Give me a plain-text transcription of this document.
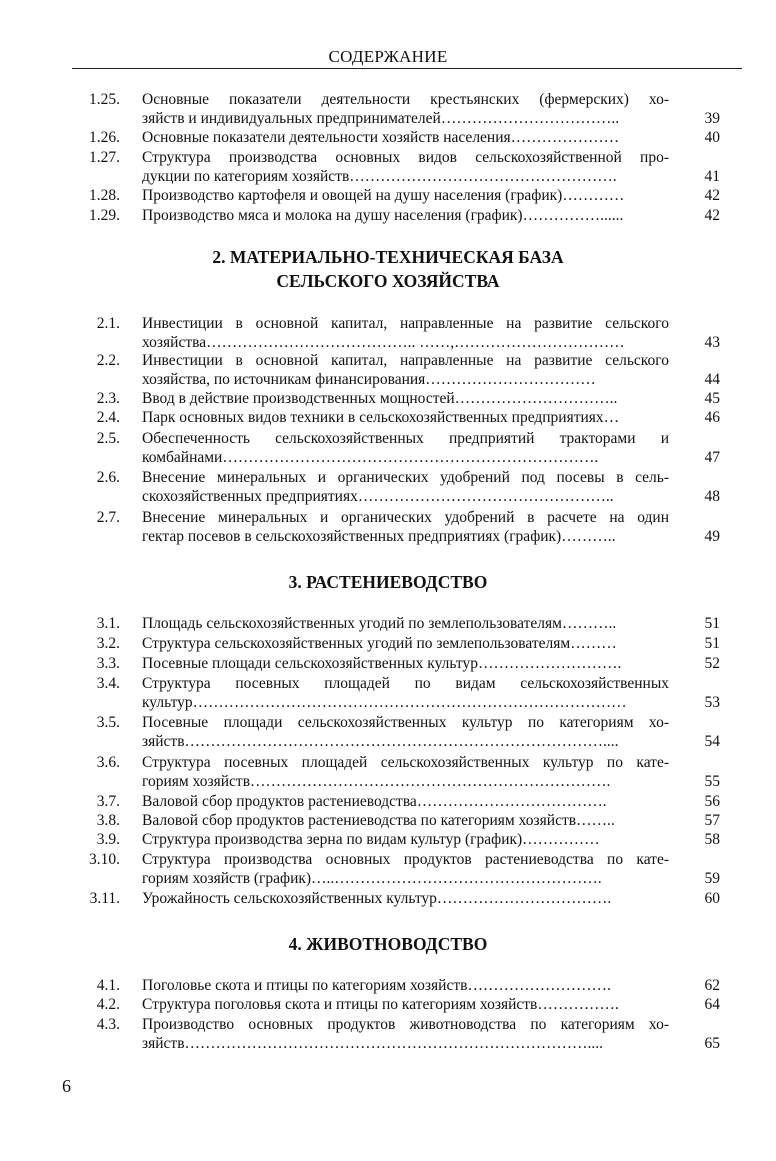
СОДЕРЖАНИЕ
1.25. Основные показатели деятельности крестьянских (фермерских) хо-
зяйств и индивидуальных предпринимателей……………………………..	39
1.26. Основные показатели деятельности хозяйств населения…………………	40
1.27. Структура производства основных видов сельскохозяйственной про-
дукции по категориям хозяйств…………………………………………….	41
1.28. Производство картофеля и овощей на душу населения (график)…………	42
1.29. Производство мяса и молока на душу населения (график)……………......	42
2. МАТЕРИАЛЬНО-ТЕХНИЧЕСКАЯ БАЗА
СЕЛЬСКОГО ХОЗЯЙСТВА
2.1. Инвестиции в основной капитал, направленные на развитие сельского
хозяйства………………………………….. ……,……………………………	43
2.2. Инвестиции в основной капитал, направленные на развитие сельского
хозяйства, по источникам финансирования……………………………	44
2.3. Ввод в действие производственных мощностей…………………………..	45
2.4. Парк основных видов техники в сельскохозяйственных предприятиях…	46
2.5. Обеспеченность сельскохозяйственных предприятий тракторами и
комбайнами……………………………………………………………….	47
2.6. Внесение минеральных и органических удобрений под посевы в сель-
скохозяйственных предприятиях…………………………………………..	48
2.7. Внесение минеральных и органических удобрений в расчете на один
гектар посевов в сельскохозяйственных предприятиях (график)………..	49
3. РАСТЕНИЕВОДСТВО
3.1. Площадь сельскохозяйственных угодий по землепользователям………..	51
3.2. Структура сельскохозяйственных угодий по землепользователям………	51
3.3. Посевные площади сельскохозяйственных культур……………………….	52
3.4. Структура посевных площадей по видам сельскохозяйственных
культур…………………………………………………………………………	53
3.5. Посевные площади сельскохозяйственных культур по категориям хо-
зяйств………………………………………………………………………....	54
3.6. Структура посевных площадей сельскохозяйственных культур по кате-
гориям хозяйств…………………………………………………………….	55
3.7. Валовой сбор продуктов растениеводства……………………………….	56
3.8. Валовой сбор продуктов растениеводства по категориям хозяйств……..	57
3.9. Структура производства зерна по видам культур (график)……………	58
3.10. Структура производства основных продуктов растениеводства по кате-
гориям хозяйств (график)…..…………………………………………….	59
3.11. Урожайность сельскохозяйственных культур…………………………….	60
4. ЖИВОТНОВОДСТВО
4.1. Поголовье скота и птицы по категориям хозяйств……………………….	62
4.2. Структура поголовья скота и птицы по категориям хозяйств…………….	64
4.3. Производство основных продуктов животноводства по категориям хо-
зяйств……………………………………………………………………....	65
6
